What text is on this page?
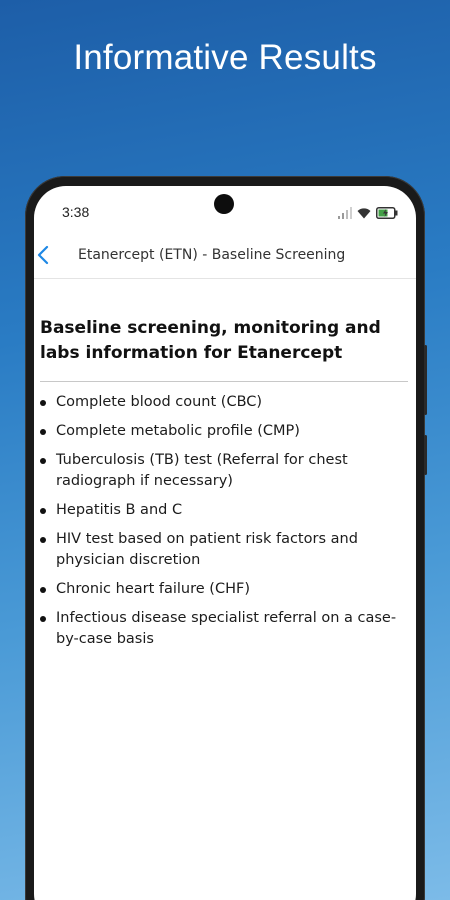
Informative Results
3:38
Etanercept (ETN) - Baseline Screening
Baseline screening, monitoring and labs information for Etanercept
Complete blood count (CBC)
Complete metabolic profile (CMP)
Tuberculosis (TB) test (Referral for chest radiograph if necessary)
Hepatitis B and C
HIV test based on patient risk factors and physician discretion
Chronic heart failure (CHF)
Infectious disease specialist referral on a case-by-case basis
